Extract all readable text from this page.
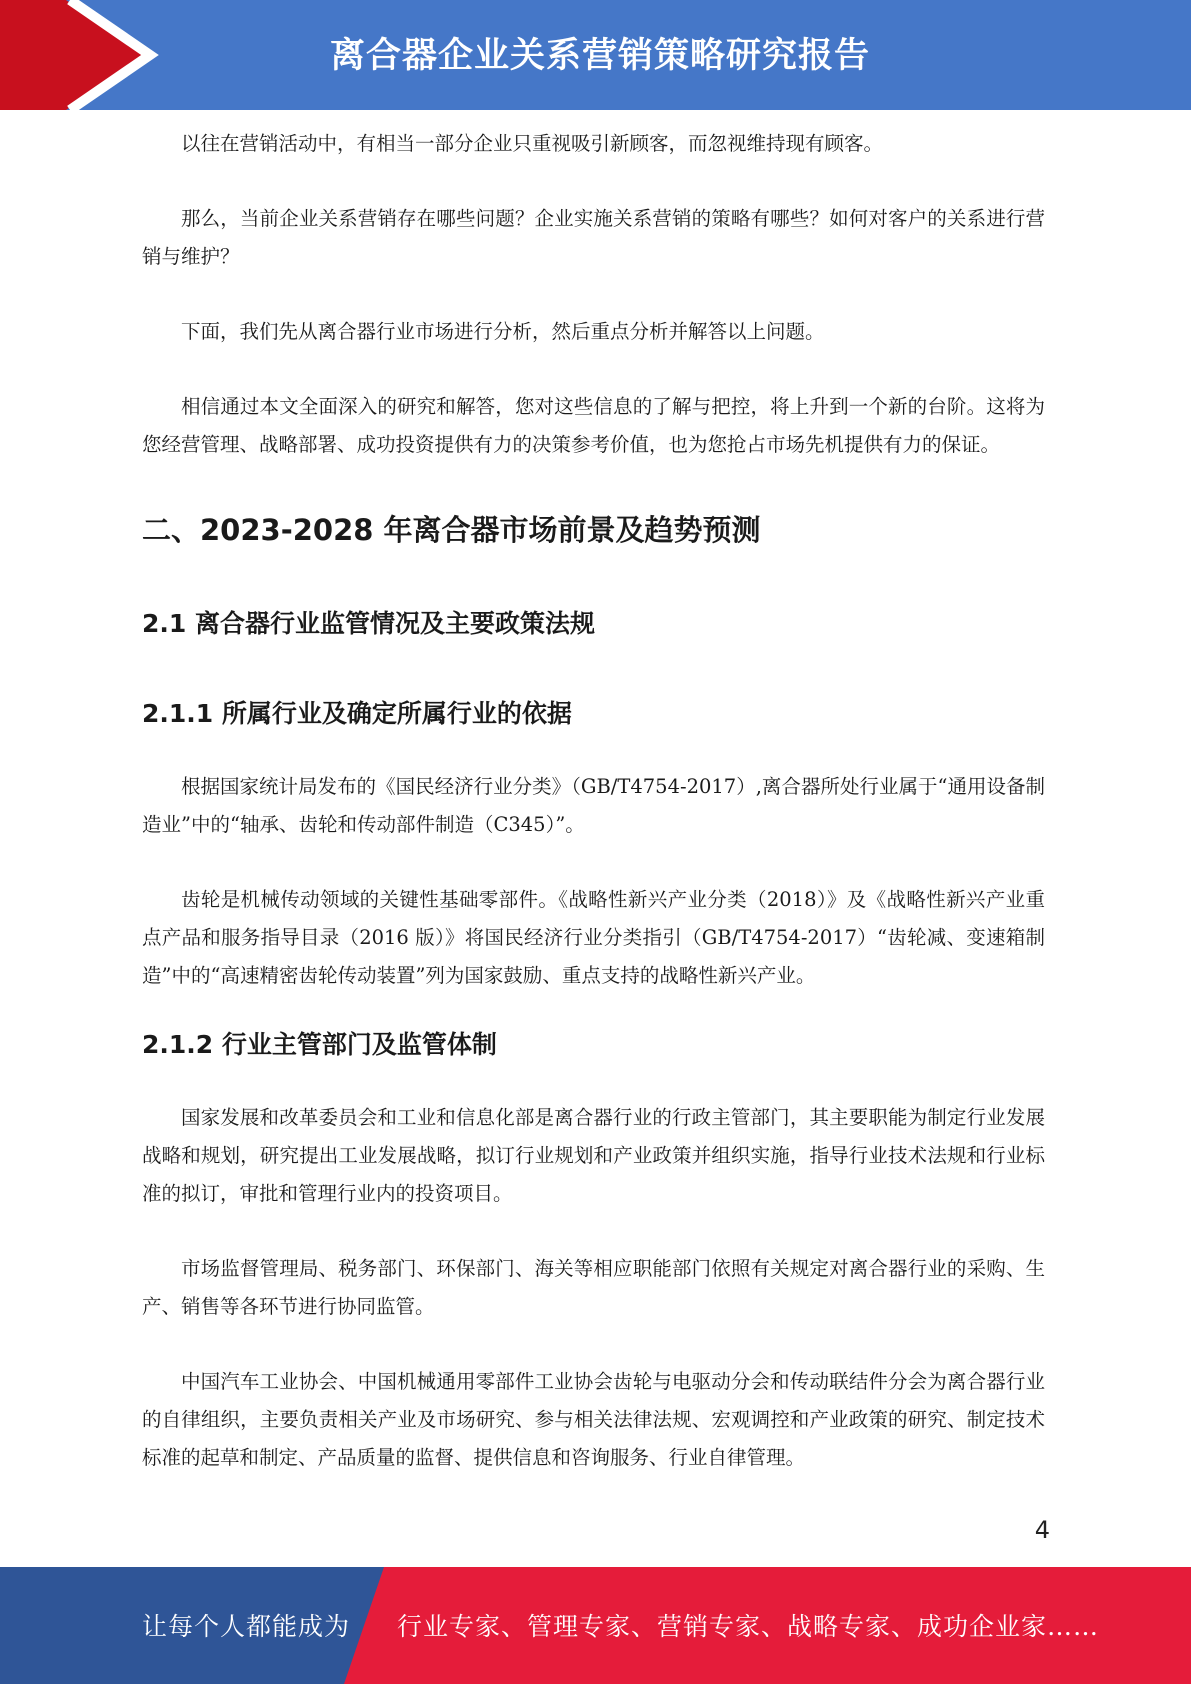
离合器企业关系营销策略研究报告

以往在营销活动中，有相当一部分企业只重视吸引新顾客，而忽视维持现有顾客。

那么，当前企业关系营销存在哪些问题？企业实施关系营销的策略有哪些？如何对客户的关系进行营销与维护？

下面，我们先从离合器行业市场进行分析，然后重点分析并解答以上问题。

相信通过本文全面深入的研究和解答，您对这些信息的了解与把控，将上升到一个新的台阶。这将为您经营管理、战略部署、成功投资提供有力的决策参考价值，也为您抢占市场先机提供有力的保证。

二、2023-2028 年离合器市场前景及趋势预测
2.1 离合器行业监管情况及主要政策法规
2.1.1 所属行业及确定所属行业的依据

根据国家统计局发布的《国民经济行业分类》（GB/T4754-2017）,离合器所处行业属于“通用设备制造业”中的“轴承、齿轮和传动部件制造（C345）”。

齿轮是机械传动领域的关键性基础零部件。《战略性新兴产业分类（2018）》及《战略性新兴产业重点产品和服务指导目录（2016 版）》将国民经济行业分类指引（GB/T4754-2017）“齿轮减、变速箱制造”中的“高速精密齿轮传动装置”列为国家鼓励、重点支持的战略性新兴产业。

2.1.2 行业主管部门及监管体制

国家发展和改革委员会和工业和信息化部是离合器行业的行政主管部门，其主要职能为制定行业发展战略和规划，研究提出工业发展战略，拟订行业规划和产业政策并组织实施，指导行业技术法规和行业标准的拟订，审批和管理行业内的投资项目。

市场监督管理局、税务部门、环保部门、海关等相应职能部门依照有关规定对离合器行业的采购、生产、销售等各环节进行协同监管。

中国汽车工业协会、中国机械通用零部件工业协会齿轮与电驱动分会和传动联结件分会为离合器行业的自律组织，主要负责相关产业及市场研究、参与相关法律法规、宏观调控和产业政策的研究、制定技术标准的起草和制定、产品质量的监督、提供信息和咨询服务、行业自律管理。

4
让每个人都能成为 行业专家、管理专家、营销专家、战略专家、成功企业家……
